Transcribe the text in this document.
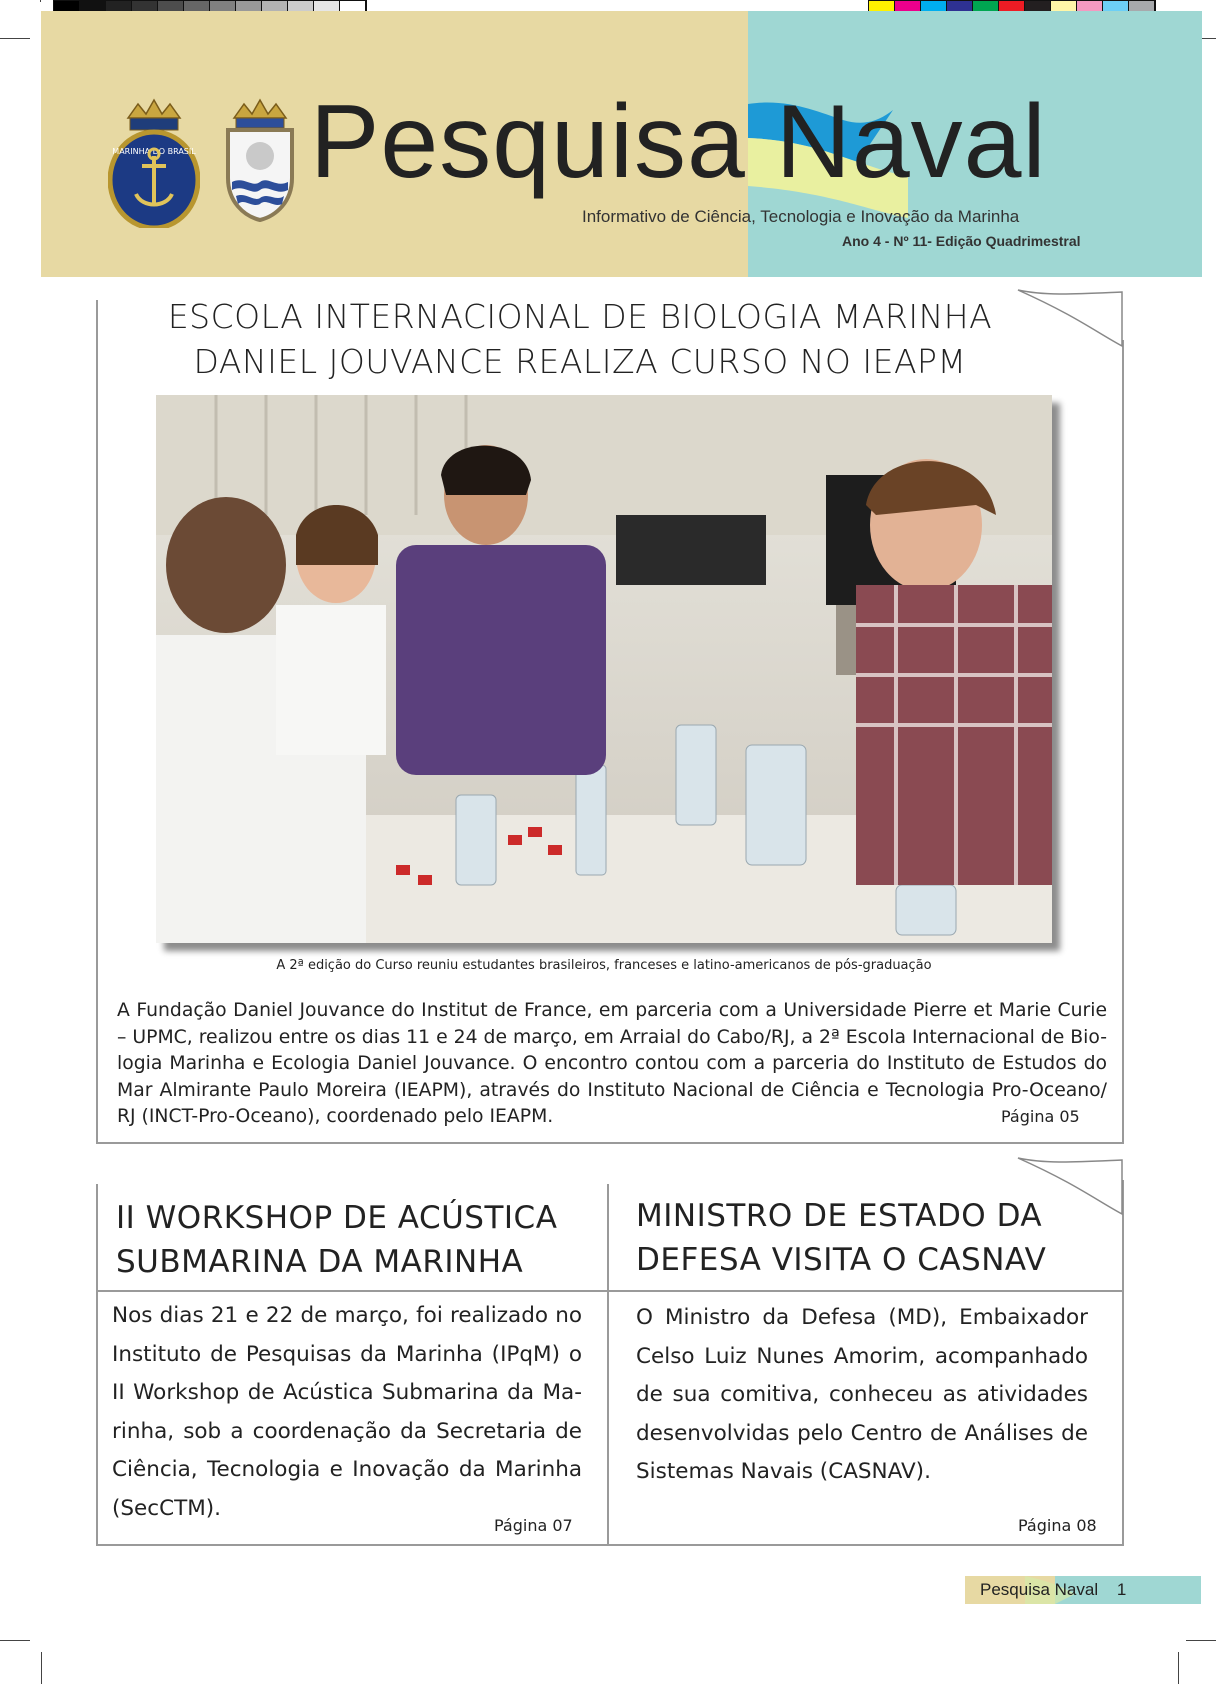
MARINHA DO BRASIL Pesquisa Naval
Informativo de Ciência, Tecnologia e Inovação da Marinha
Ano 4 - Nº 11- Edição Quadrimestral
ESCOLA INTERNACIONAL DE BIOLOGIA MARINHA
DANIEL JOUVANCE REALIZA CURSO NO IEAPM
A 2ª edição do Curso reuniu estudantes brasileiros, franceses e latino-americanos de pós-graduação
A Fundação Daniel Jouvance do Institut de France, em parceria com a Universidade Pierre et Marie Curie – UPMC, realizou entre os dias 11 e 24 de março, em Arraial do Cabo/RJ, a 2ª Escola Internacional de Bio-logia Marinha e Ecologia Daniel Jouvance. O encontro contou com a parceria do Instituto de Estudos do Mar Almirante Paulo Moreira (IEAPM), através do Instituto Nacional de Ciência e Tecnologia Pro-Oceano/ RJ (INCT-Pro-Oceano), coordenado pelo IEAPM.	Página 05
II WORKSHOP DE ACÚSTICA
SUBMARINA DA MARINHA
Nos dias 21 e 22 de março, foi realizado no Instituto de Pesquisas da Marinha (IPqM) o II Workshop de Acústica Submarina da Ma-rinha, sob a coordenação da Secretaria de Ciência, Tecnologia e Inovação da Marinha (SecCTM).
Página 07
MINISTRO DE ESTADO DA
DEFESA VISITA O CASNAV
O Ministro da Defesa (MD), Embaixador Celso Luiz Nunes Amorim, acompanhado de sua comitiva, conheceu as atividades desenvolvidas pelo Centro de Análises de Sistemas Navais (CASNAV).
Página 08
Pesquisa Naval 1
